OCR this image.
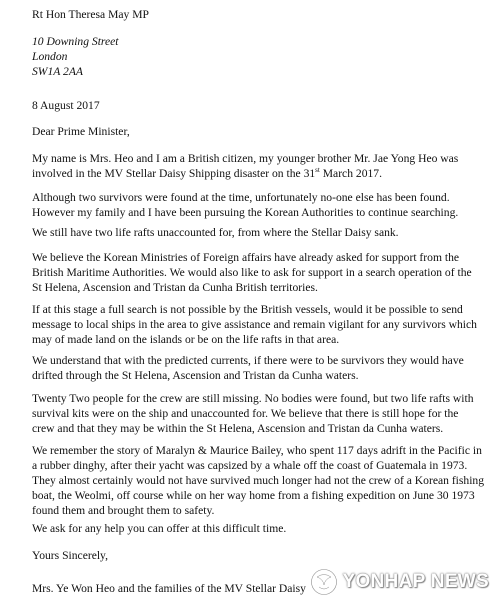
Rt Hon Theresa May MP

10 Downing Street

London

SW1A 2AA

8 August 2017

Dear Prime Minister,

My name is Mrs. Heo and I am a British citizen, my younger brother Mr. Jae Yong Heo was
involved in the MV Stellar Daisy Shipping disaster on the 31st March 2017.
Although two survivors were found at the time, unfortunately no-one else has been found.
However my family and I have been pursuing the Korean Authorities to continue searching.
We still have two life rafts unaccounted for, from where the Stellar Daisy sank.
We believe the Korean Ministries of Foreign affairs have already asked for support from the
British Maritime Authorities. We would also like to ask for support in a search operation of the
St Helena, Ascension and Tristan da Cunha British territories.
If at this stage a full search is not possible by the British vessels, would it be possible to send
message to local ships in the area to give assistance and remain vigilant for any survivors which
may of made land on the islands or be on the life rafts in that area.
We understand that with the predicted currents, if there were to be survivors they would have
drifted through the St Helena, Ascension and Tristan da Cunha waters.
Twenty Two people for the crew are still missing. No bodies were found, but two life rafts with
survival kits were on the ship and unaccounted for. We believe that there is still hope for the
crew and that they may be within the St Helena, Ascension and Tristan da Cunha waters.
We remember the story of Maralyn & Maurice Bailey, who spent 117 days adrift in the Pacific in
a rubber dinghy, after their yacht was capsized by a whale off the coast of Guatemala in 1973.
They almost certainly would not have survived much longer had not the crew of a Korean fishing
boat, the Weolmi, off course while on her way home from a fishing expedition on June 30 1973
found them and brought them to safety.
We ask for any help you can offer at this difficult time.

Yours Sincerely,

Mrs. Ye Won Heo and the families of the MV Stellar Daisy YONHAP NEWS
